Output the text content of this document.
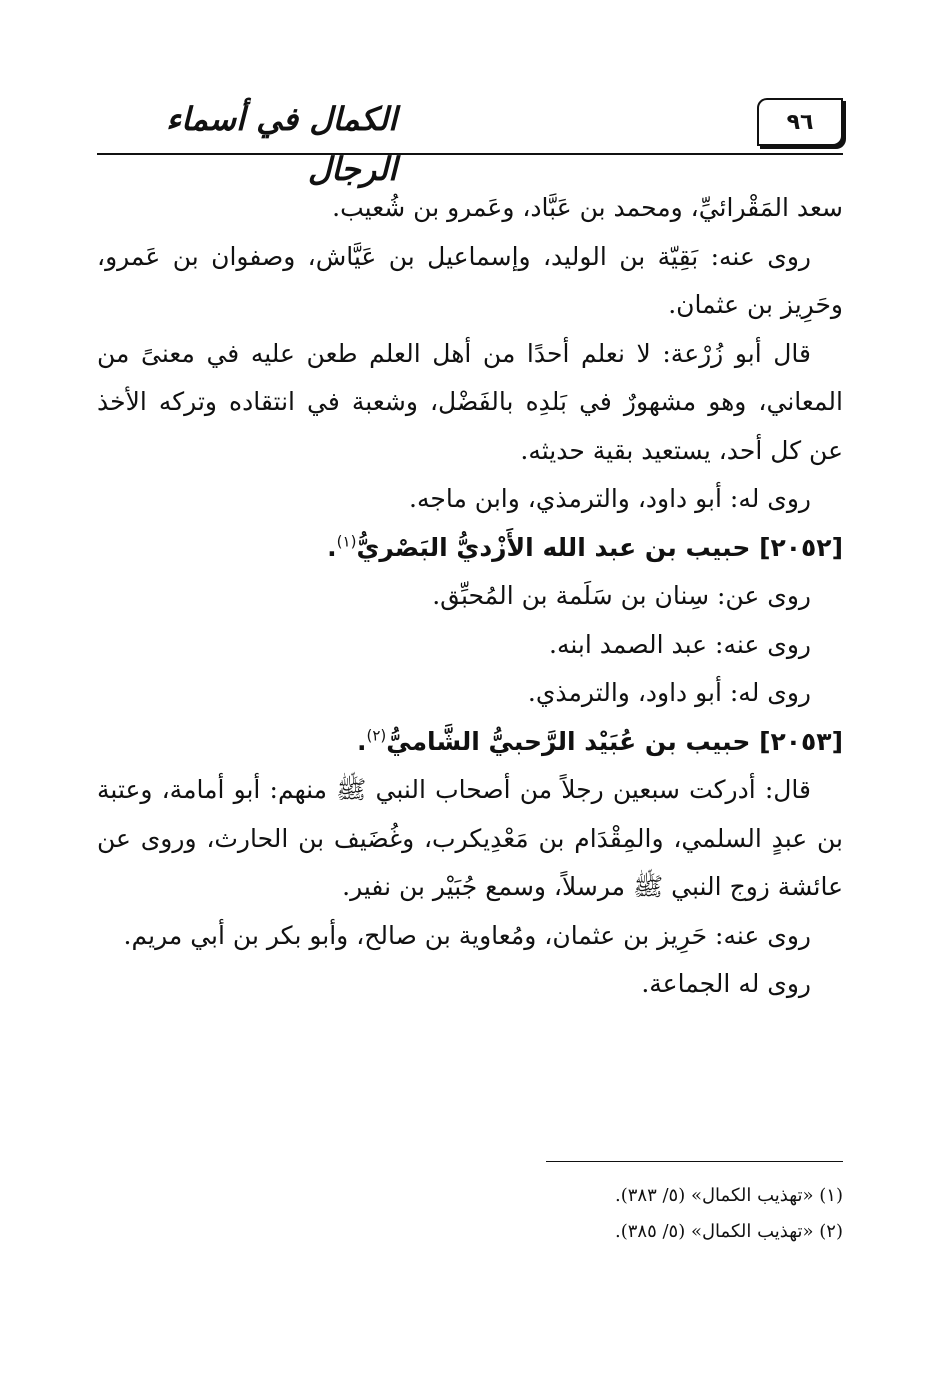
الكمال في أسماء الرجال
٩٦

سعد المَقْرائيِّ، ومحمد بن عَبَّاد، وعَمرو بن شُعيب.

روى عنه: بَقِيّة بن الوليد، وإسماعيل بن عَيَّاش، وصفوان بن عَمرو، وحَرِيز بن عثمان.

قال أبو زُرْعة: لا نعلم أحدًا من أهل العلم طعن عليه في معنىً من المعاني، وهو مشهورٌ في بَلدِه بالفَضْل، وشعبة في انتقاده وتركه الأخذ عن كل أحد، يستعيد بقية حديثه.

روى له: أبو داود، والترمذي، وابن ماجه.

[٢٠٥٢] حبيب بن عبد الله الأَزْديُّ البَصْريُّ$^{(١)}$.

روى عن: سِنان بن سَلَمة بن المُحبِّق.

روى عنه: عبد الصمد ابنه.

روى له: أبو داود، والترمذي.

[٢٠٥٣] حبيب بن عُبَيْد الرَّحبيُّ الشَّاميُّ$^{(٢)}$.

قال: أدركت سبعين رجلاً من أصحاب النبي ﷺ منهم: أبو أمامة، وعتبة بن عبدٍ السلمي، والمِقْدَام بن مَعْدِيكرب، وغُضَيف بن الحارث، وروى عن عائشة زوج النبي ﷺ مرسلاً، وسمع جُبَيْر بن نفير.

روى عنه: حَرِيز بن عثمان، ومُعاوية بن صالح، وأبو بكر بن أبي مريم.

روى له الجماعة.

(١) «تهذيب الكمال» (٥/ ٣٨٣).

(٢) «تهذيب الكمال» (٥/ ٣٨٥).
